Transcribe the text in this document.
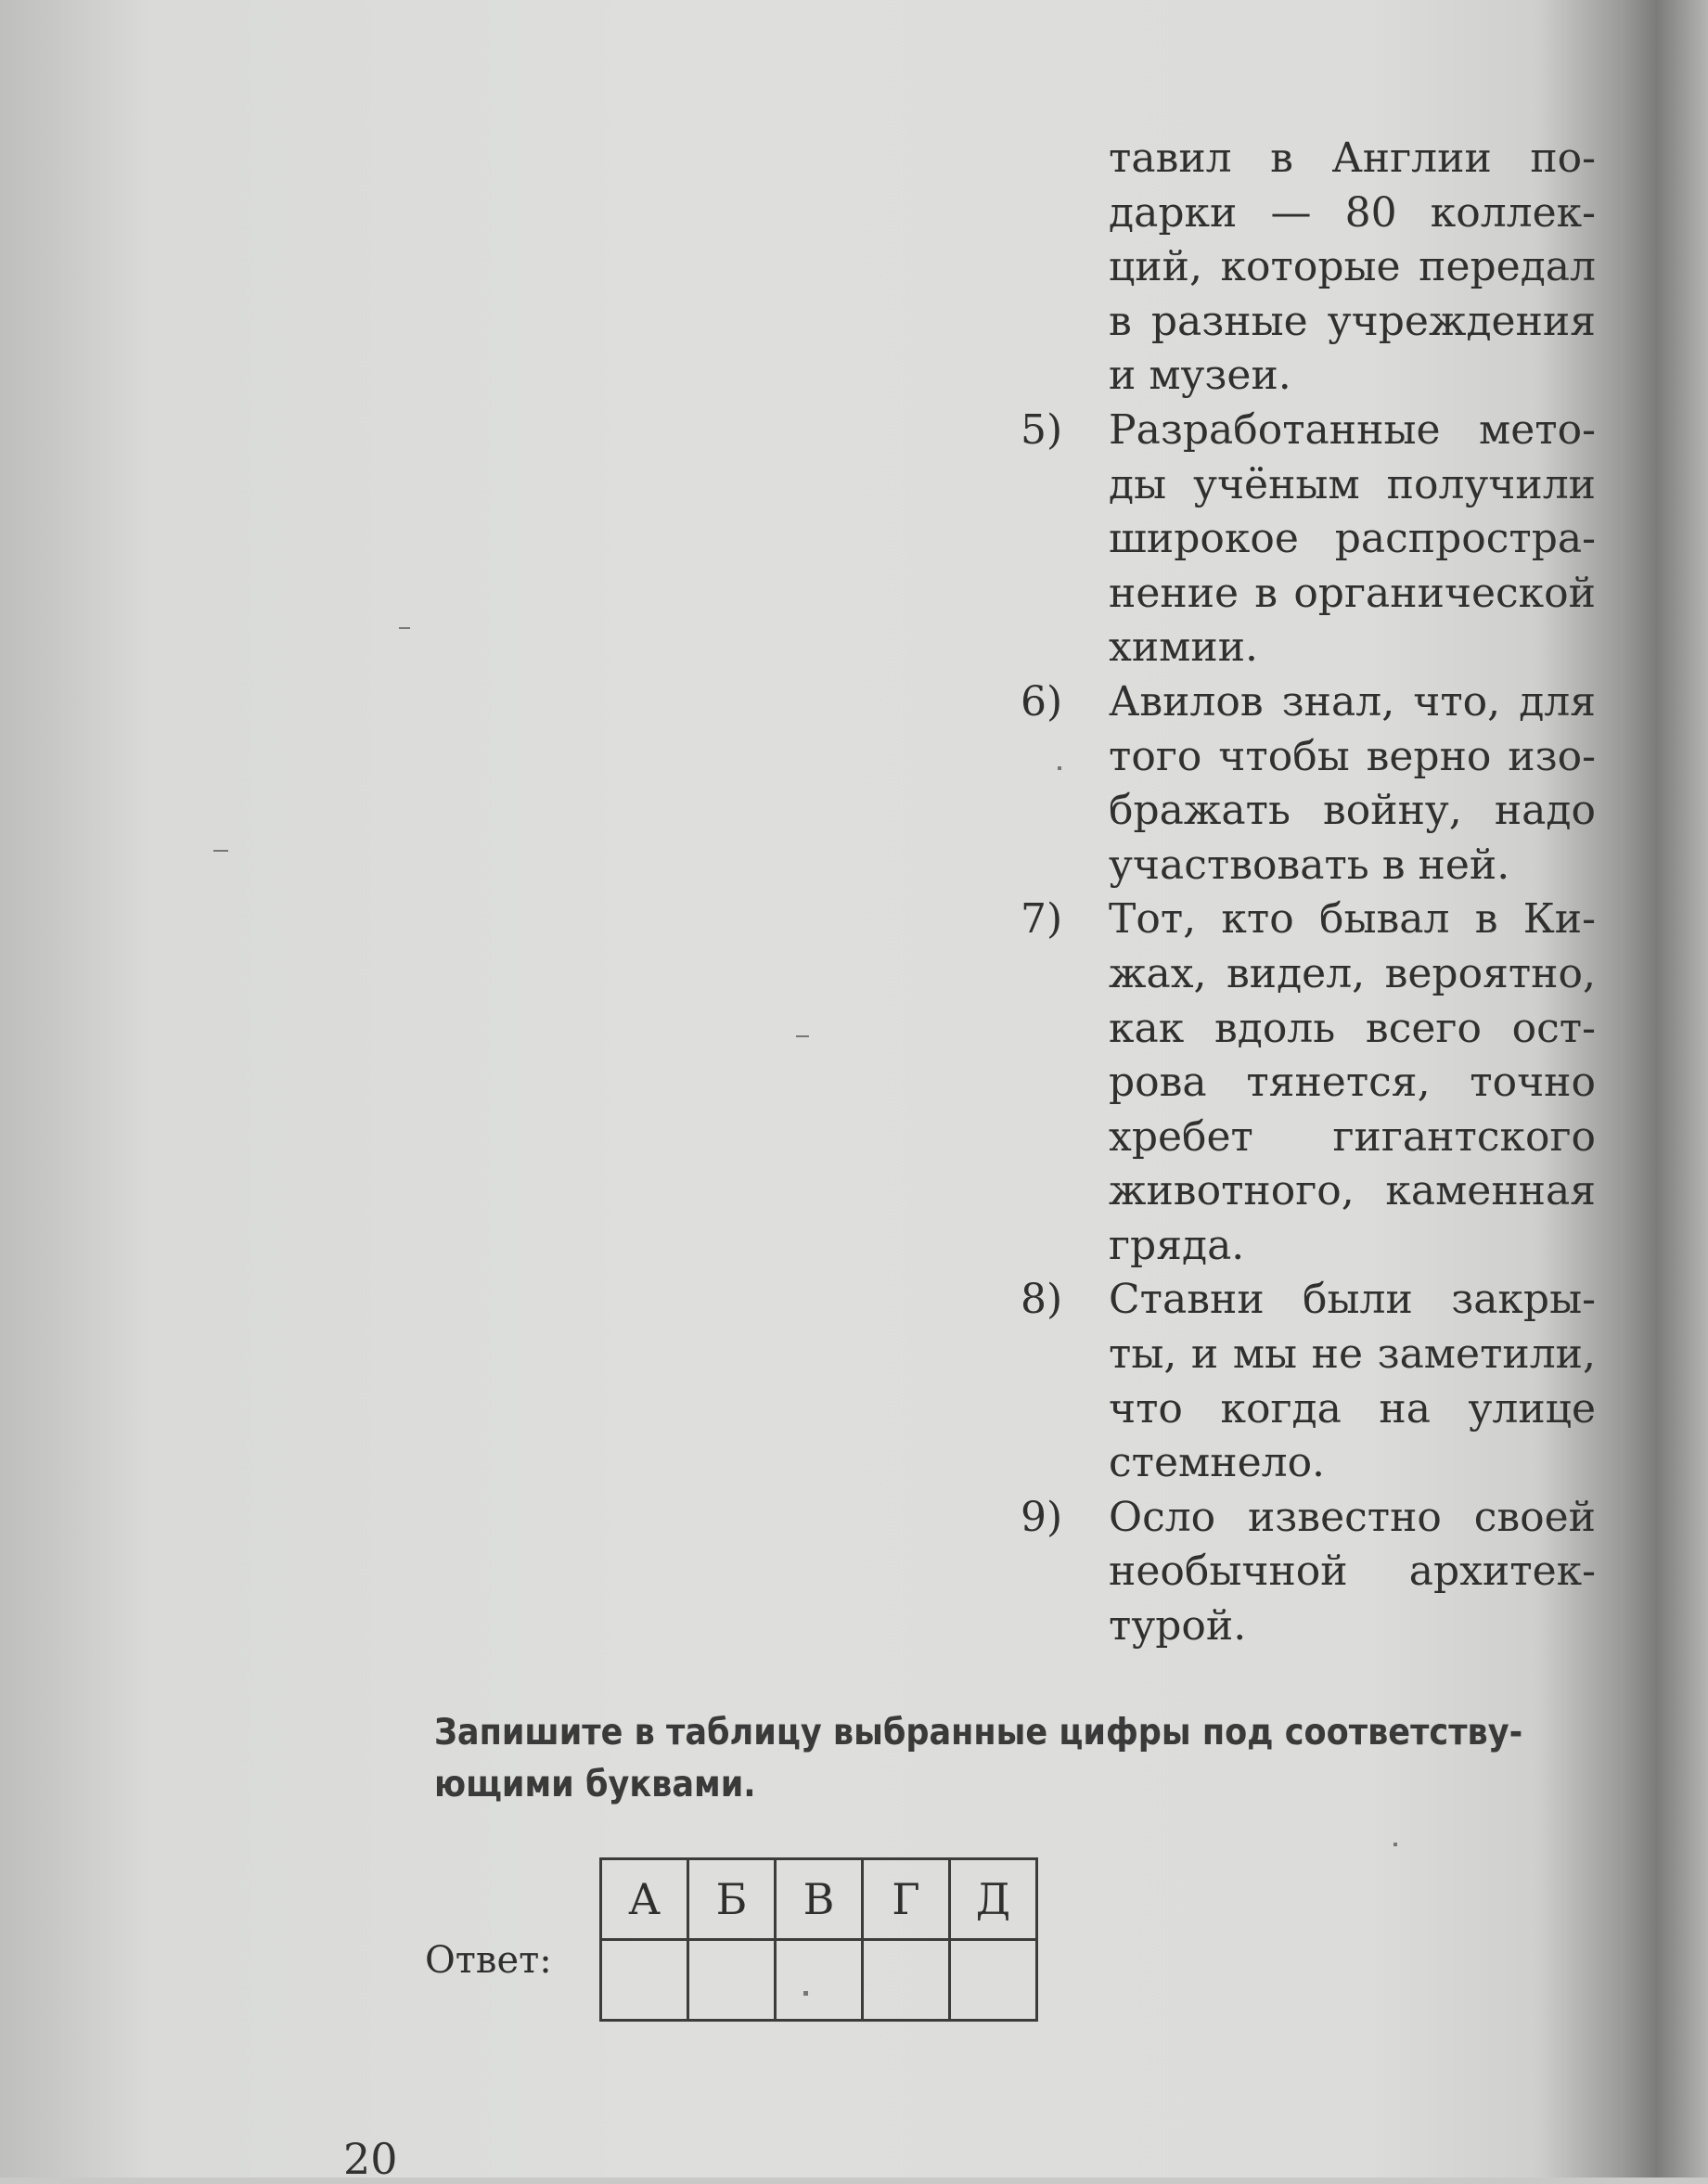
тавил в Англии по-
дарки — 80 коллек-
ций, которые передал
в разные учреждения
и музеи.
5) Разработанные мето-
ды учёным получили
широкое распростра-
нение в органической
химии.
6) Авилов знал, что, для
того чтобы верно изо-
бражать войну, надо
участвовать в ней.
7) Тот, кто бывал в Ки-
жах, видел, вероятно,
как вдоль всего ост-
рова тянется, точно
хребет гигантского
животного, каменная
гряда.
8) Ставни были закры-
ты, и мы не заметили,
что когда на улице
стемнело.
9) Осло известно своей
необычной архитек-
турой.
Запишите в таблицу выбранные цифры под соответству-
ющими буквами.
Ответ:
А	Б	В	Г	Д

20
